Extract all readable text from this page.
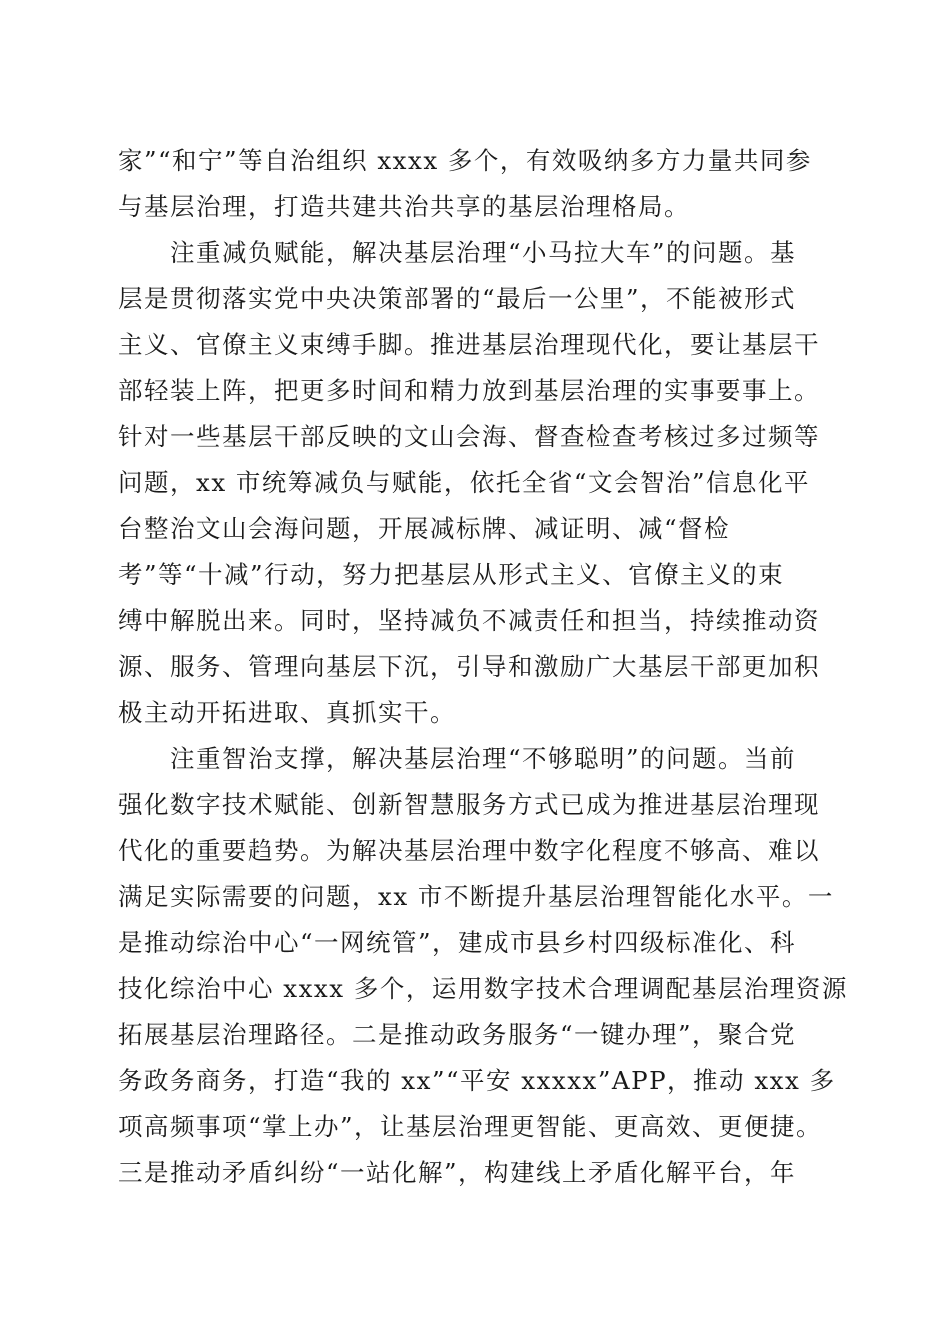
家”“和宁”等自治组织 xxxx 多个，有效吸纳多方力量共同参
与基层治理，打造共建共治共享的基层治理格局。
注重减负赋能，解决基层治理“小马拉大车”的问题。基
层是贯彻落实党中央决策部署的“最后一公里”，不能被形式
主义、官僚主义束缚手脚。推进基层治理现代化，要让基层干
部轻装上阵，把更多时间和精力放到基层治理的实事要事上。
针对一些基层干部反映的文山会海、督查检查考核过多过频等
问题，xx 市统筹减负与赋能，依托全省“文会智治”信息化平
台整治文山会海问题，开展减标牌、减证明、减“督检
考”等“十减”行动，努力把基层从形式主义、官僚主义的束
缚中解脱出来。同时，坚持减负不减责任和担当，持续推动资
源、服务、管理向基层下沉，引导和激励广大基层干部更加积
极主动开拓进取、真抓实干。
注重智治支撑，解决基层治理“不够聪明”的问题。当前
强化数字技术赋能、创新智慧服务方式已成为推进基层治理现
代化的重要趋势。为解决基层治理中数字化程度不够高、难以
满足实际需要的问题，xx 市不断提升基层治理智能化水平。一
是推动综治中心“一网统管”，建成市县乡村四级标准化、科
技化综治中心 xxxx 多个，运用数字技术合理调配基层治理资源
拓展基层治理路径。二是推动政务服务“一键办理”，聚合党
务政务商务，打造“我的 xx”“平安 xxxxx”APP，推动 xxx 多
项高频事项“掌上办”，让基层治理更智能、更高效、更便捷。
三是推动矛盾纠纷“一站化解”，构建线上矛盾化解平台，年
